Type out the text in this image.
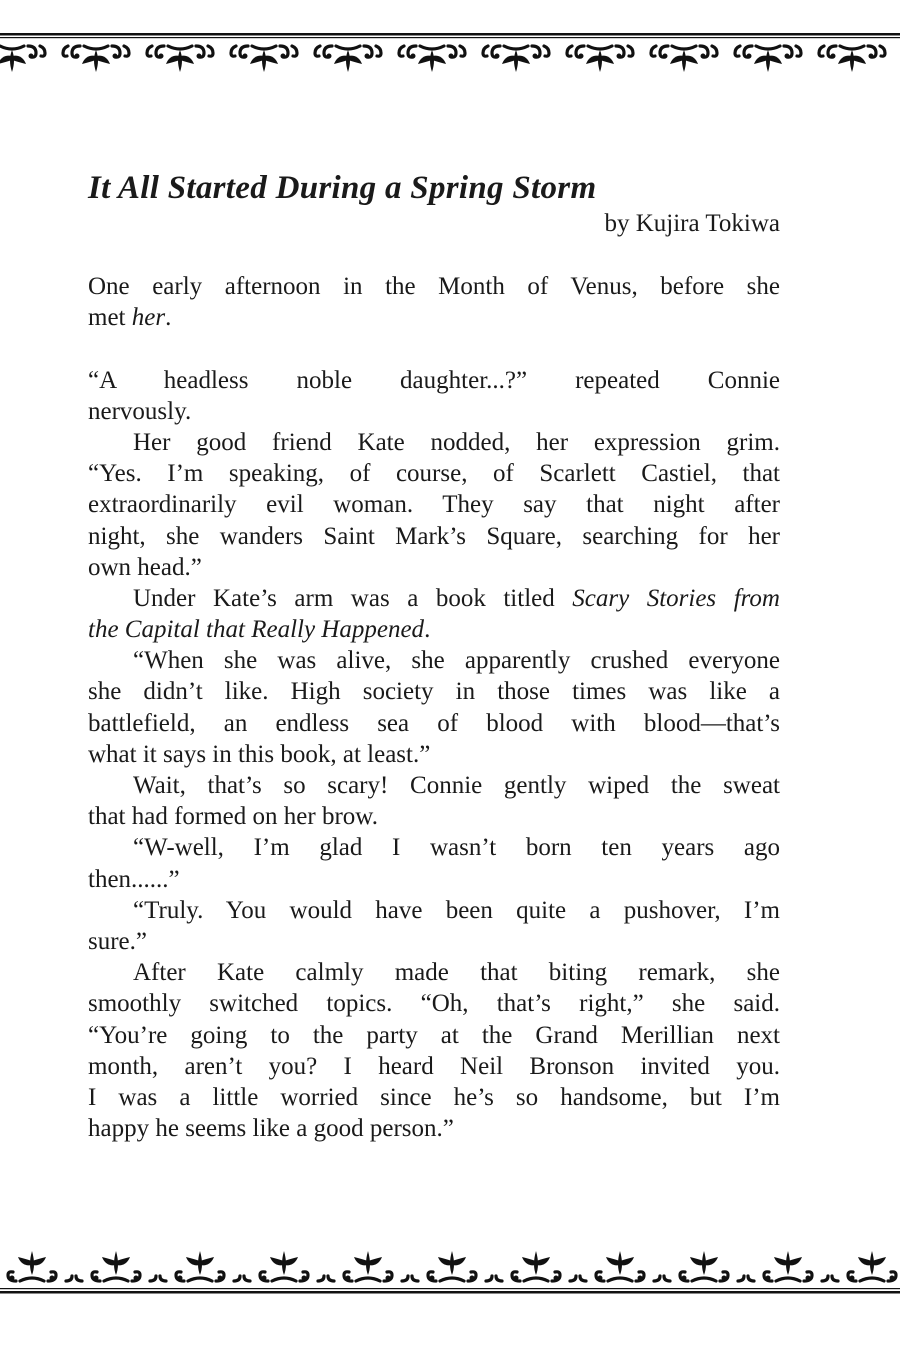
It All Started During a Spring Storm
by Kujira Tokiwa
One early afternoon in the Month of Venus, before she
met her.
“A headless noble daughter...?” repeated Connie
nervously.
Her good friend Kate nodded, her expression grim.
“Yes. I’m speaking, of course, of Scarlett Castiel, that
extraordinarily evil woman. They say that night after
night, she wanders Saint Mark’s Square, searching for her
own head.”
Under Kate’s arm was a book titled Scary Stories from
the Capital that Really Happened.
“When she was alive, she apparently crushed everyone
she didn’t like. High society in those times was like a
battlefield, an endless sea of blood with blood—that’s
what it says in this book, at least.”
Wait, that’s so scary! Connie gently wiped the sweat
that had formed on her brow.
“W-well, I’m glad I wasn’t born ten years ago
then......”
“Truly. You would have been quite a pushover, I’m
sure.”
After Kate calmly made that biting remark, she
smoothly switched topics. “Oh, that’s right,” she said.
“You’re going to the party at the Grand Merillian next
month, aren’t you? I heard Neil Bronson invited you.
I was a little worried since he’s so handsome, but I’m
happy he seems like a good person.”
